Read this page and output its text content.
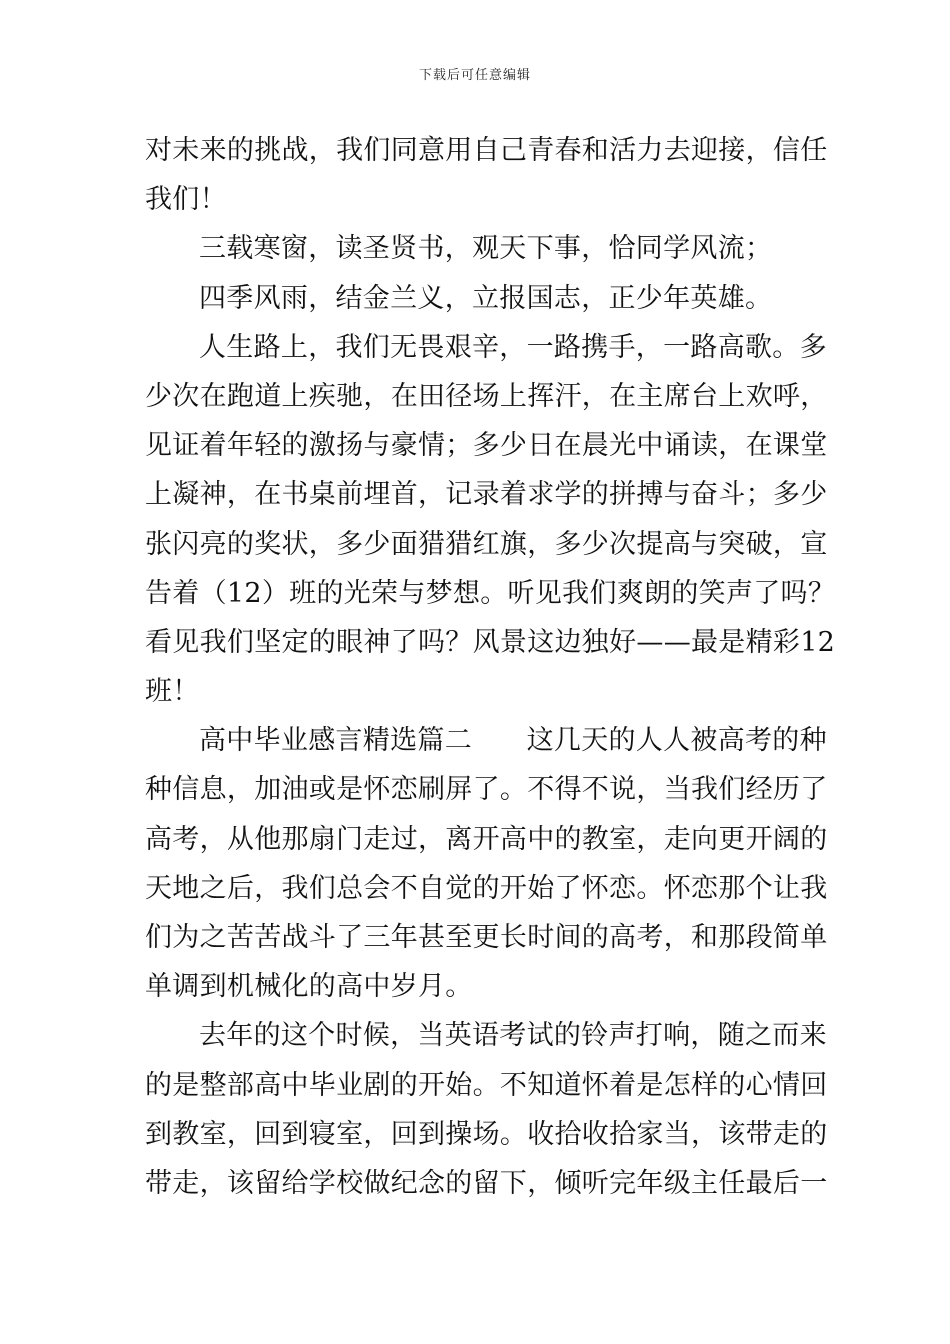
下载后可任意编辑
对未来的挑战，我们同意用自己青春和活力去迎接，信任
我们！
三载寒窗，读圣贤书，观天下事，恰同学风流；
四季风雨，结金兰义，立报国志，正少年英雄。
人生路上，我们无畏艰辛，一路携手，一路高歌。多
少次在跑道上疾驰，在田径场上挥汗，在主席台上欢呼，
见证着年轻的激扬与豪情；多少日在晨光中诵读，在课堂
上凝神，在书桌前埋首，记录着求学的拼搏与奋斗；多少
张闪亮的奖状，多少面猎猎红旗，多少次提高与突破，宣
告着（12）班的光荣与梦想。听见我们爽朗的笑声了吗？
看见我们坚定的眼神了吗？风景这边独好——最是精彩12
班！
高中毕业感言精选篇二　　这几天的人人被高考的种
种信息，加油或是怀恋刷屏了。不得不说，当我们经历了
高考，从他那扇门走过，离开高中的教室，走向更开阔的
天地之后，我们总会不自觉的开始了怀恋。怀恋那个让我
们为之苦苦战斗了三年甚至更长时间的高考，和那段简单
单调到机械化的高中岁月。
去年的这个时候，当英语考试的铃声打响，随之而来
的是整部高中毕业剧的开始。不知道怀着是怎样的心情回
到教室，回到寝室，回到操场。收拾收拾家当，该带走的
带走，该留给学校做纪念的留下，倾听完年级主任最后一
